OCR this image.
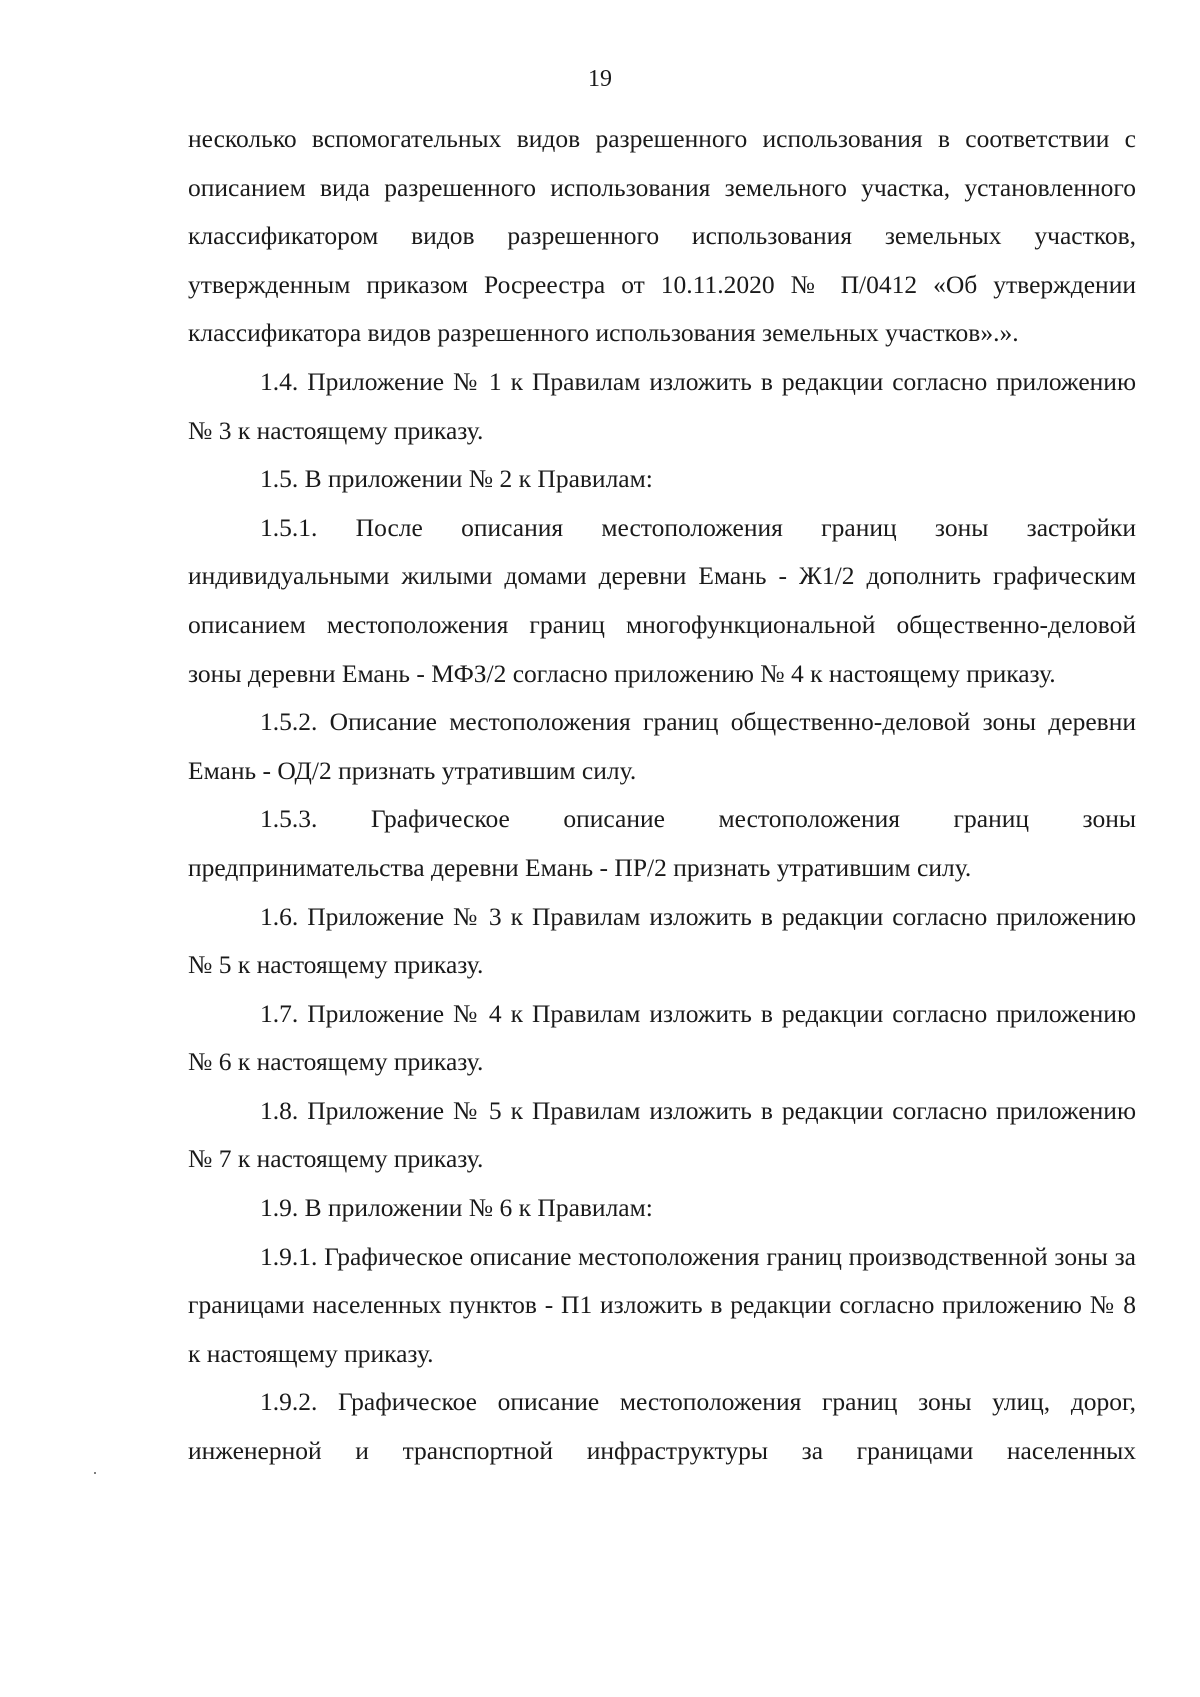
19

несколько вспомогательных видов разрешенного использования в соответствии с описанием вида разрешенного использования земельного участка, установленного классификатором видов разрешенного использования земельных участков, утвержденным приказом Росреестра от 10.11.2020 № П/0412 «Об утверждении классификатора видов разрешенного использования земельных участков».».

1.4. Приложение № 1 к Правилам изложить в редакции согласно приложению № 3 к настоящему приказу.

1.5. В приложении № 2 к Правилам:

1.5.1. После описания местоположения границ зоны застройки индивидуальными жилыми домами деревни Емань - Ж1/2 дополнить графическим описанием местоположения границ многофункциональной общественно-деловой зоны деревни Емань - МФЗ/2 согласно приложению № 4 к настоящему приказу.

1.5.2. Описание местоположения границ общественно-деловой зоны деревни Емань - ОД/2 признать утратившим силу.

1.5.3. Графическое описание местоположения границ зоны предпринимательства деревни Емань - ПР/2 признать утратившим силу.

1.6. Приложение № 3 к Правилам изложить в редакции согласно приложению № 5 к настоящему приказу.

1.7. Приложение № 4 к Правилам изложить в редакции согласно приложению № 6 к настоящему приказу.

1.8. Приложение № 5 к Правилам изложить в редакции согласно приложению № 7 к настоящему приказу.

1.9. В приложении № 6 к Правилам:

1.9.1. Графическое описание местоположения границ производственной зоны за границами населенных пунктов - П1 изложить в редакции согласно приложению № 8 к настоящему приказу.

1.9.2. Графическое описание местоположения границ зоны улиц, дорог, инженерной и транспортной инфраструктуры за границами населенных
